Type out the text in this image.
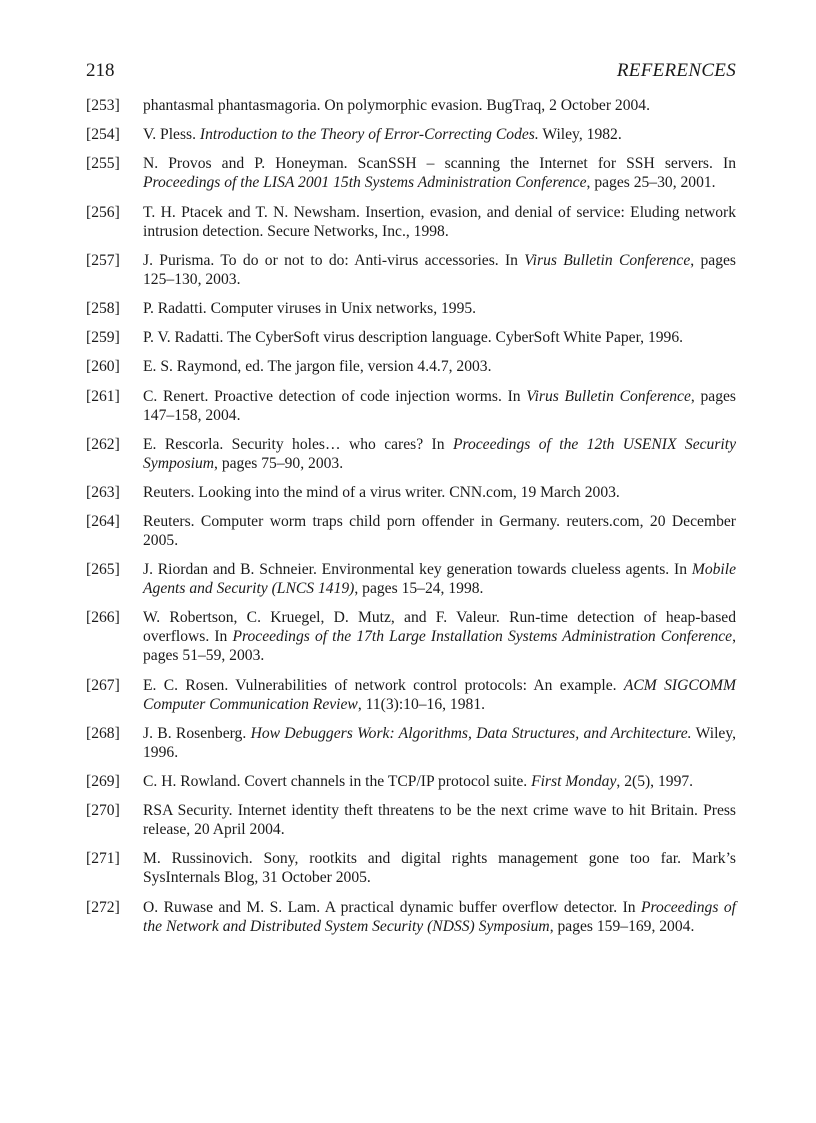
218	REFERENCES
[253] phantasmal phantasmagoria. On polymorphic evasion. BugTraq, 2 October 2004.
[254] V. Pless. Introduction to the Theory of Error-Correcting Codes. Wiley, 1982.
[255] N. Provos and P. Honeyman. ScanSSH – scanning the Internet for SSH servers. In Proceedings of the LISA 2001 15th Systems Administration Conference, pages 25–30, 2001.
[256] T. H. Ptacek and T. N. Newsham. Insertion, evasion, and denial of service: Eluding network intrusion detection. Secure Networks, Inc., 1998.
[257] J. Purisma. To do or not to do: Anti-virus accessories. In Virus Bulletin Conference, pages 125–130, 2003.
[258] P. Radatti. Computer viruses in Unix networks, 1995.
[259] P. V. Radatti. The CyberSoft virus description language. CyberSoft White Paper, 1996.
[260] E. S. Raymond, ed. The jargon file, version 4.4.7, 2003.
[261] C. Renert. Proactive detection of code injection worms. In Virus Bulletin Conference, pages 147–158, 2004.
[262] E. Rescorla. Security holes… who cares? In Proceedings of the 12th USENIX Security Symposium, pages 75–90, 2003.
[263] Reuters. Looking into the mind of a virus writer. CNN.com, 19 March 2003.
[264] Reuters. Computer worm traps child porn offender in Germany. reuters.com, 20 December 2005.
[265] J. Riordan and B. Schneier. Environmental key generation towards clueless agents. In Mobile Agents and Security (LNCS 1419), pages 15–24, 1998.
[266] W. Robertson, C. Kruegel, D. Mutz, and F. Valeur. Run-time detection of heap-based overflows. In Proceedings of the 17th Large Installation Systems Administration Conference, pages 51–59, 2003.
[267] E. C. Rosen. Vulnerabilities of network control protocols: An example. ACM SIGCOMM Computer Communication Review, 11(3):10–16, 1981.
[268] J. B. Rosenberg. How Debuggers Work: Algorithms, Data Structures, and Architecture. Wiley, 1996.
[269] C. H. Rowland. Covert channels in the TCP/IP protocol suite. First Monday, 2(5), 1997.
[270] RSA Security. Internet identity theft threatens to be the next crime wave to hit Britain. Press release, 20 April 2004.
[271] M. Russinovich. Sony, rootkits and digital rights management gone too far. Mark’s SysInternals Blog, 31 October 2005.
[272] O. Ruwase and M. S. Lam. A practical dynamic buffer overflow detector. In Proceedings of the Network and Distributed System Security (NDSS) Symposium, pages 159–169, 2004.
